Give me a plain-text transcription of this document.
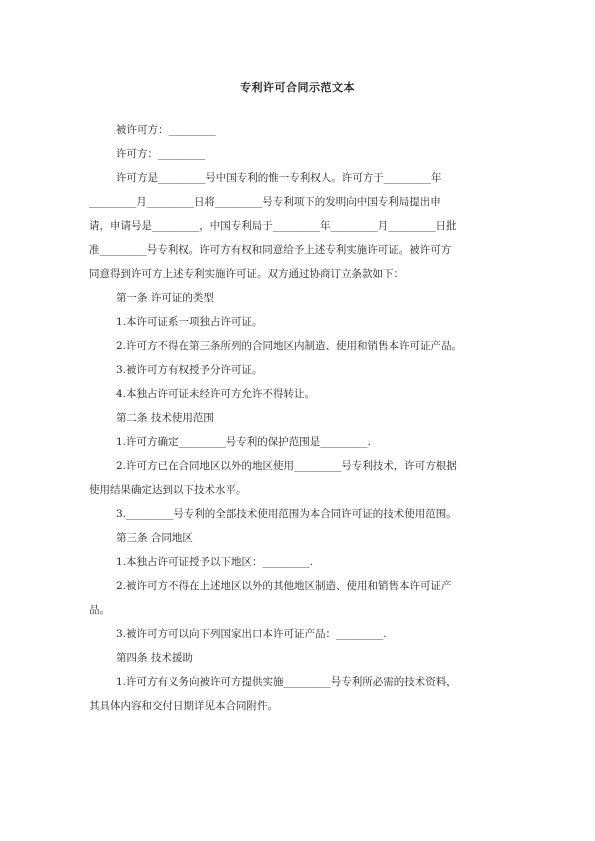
专利许可合同示范文本
被许可方：_________
许可方：_________
许可方是_________号中国专利的惟一专利权人。许可方于_________年
_________月_________日将_________号专利项下的发明向中国专利局提出申
请，申请号是_________，中国专利局于_________年_________月_________日批
准_________号专利权。许可方有权和同意给予上述专利实施许可证。被许可方
同意得到许可方上述专利实施许可证。双方通过协商订立条款如下：
第一条 许可证的类型
1.本许可证系一项独占许可证。
2.许可方不得在第三条所列的合同地区内制造、使用和销售本许可证产品。
3.被许可方有权授予分许可证。
4.本独占许可证未经许可方允许不得转让。
第二条 技术使用范围
1.许可方确定_________号专利的保护范围是_________.
2.许可方已在合同地区以外的地区使用_________号专利技术，许可方根据
使用结果确定达到以下技术水平。
3._________号专利的全部技术使用范围为本合同许可证的技术使用范围。
第三条 合同地区
1.本独占许可证授予以下地区：_________.
2.被许可方不得在上述地区以外的其他地区制造、使用和销售本许可证产
品。
3.被许可方可以向下列国家出口本许可证产品：_________.
第四条 技术援助
1.许可方有义务向被许可方提供实施_________号专利所必需的技术资料，
其具体内容和交付日期详见本合同附件。
